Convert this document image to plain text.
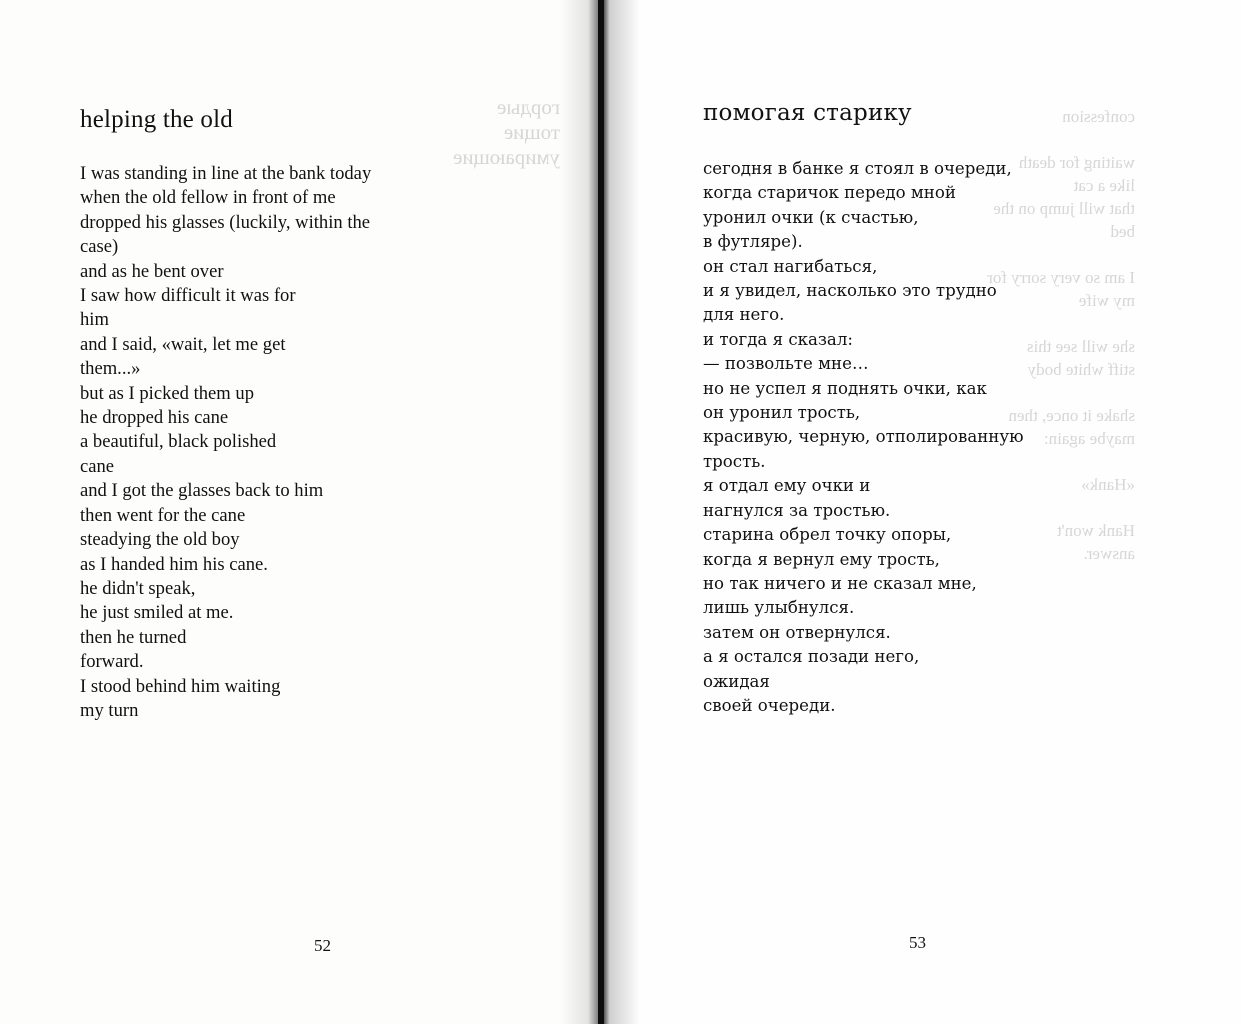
гордые
тощие
умирающие
helping the old
I was standing in line at the bank today
when the old fellow in front of me
dropped his glasses (luckily, within the
case)
and as he bent over
I saw how difficult it was for
him
and I said, «wait, let me get
them...»
but as I picked them up
he dropped his cane
a beautiful, black polished
cane
and I got the glasses back to him
then went for the cane
steadying the old boy
as I handed him his cane.
he didn't speak,
he just smiled at me.
then he turned
forward.
I stood behind him waiting
my turn
52
confession

waiting for death
like a cat
that will jump on the
bed

I am so very sorry for
my wife

she will see this
stiff white body

shake it once, then
maybe again:

«Hank»

Hank won't
answer.
помогая старику
сегодня в банке я стоял в очереди,
когда старичок передо мной
уронил очки (к счастью,
в футляре).
он стал нагибаться,
и я увидел, насколько это трудно
для него.
и тогда я сказал:
— позвольте мне…
но не успел я поднять очки, как
он уронил трость,
красивую, черную, отполированную
трость.
я отдал ему очки и
нагнулся за тростью.
старина обрел точку опоры,
когда я вернул ему трость,
но так ничего и не сказал мне,
лишь улыбнулся.
затем он отвернулся.
а я остался позади него,
ожидая
своей очереди.
53
